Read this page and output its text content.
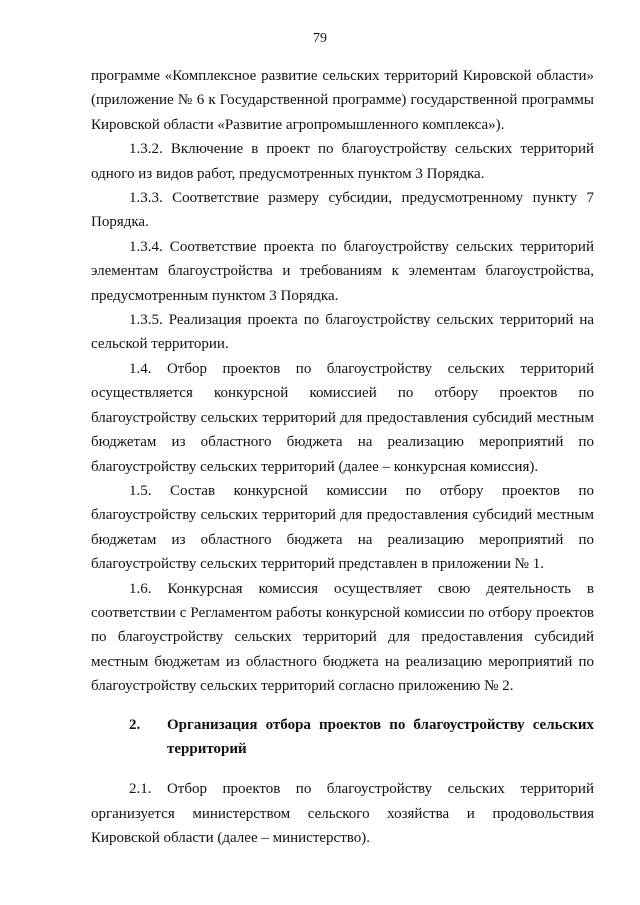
79

программе «Комплексное развитие сельских территорий Кировской области» (приложение № 6 к Государственной программе) государственной программы Кировской области «Развитие агропромышленного комплекса»).

1.3.2. Включение в проект по благоустройству сельских территорий одного из видов работ, предусмотренных пунктом 3 Порядка.

1.3.3. Соответствие размеру субсидии, предусмотренному пункту 7 Порядка.

1.3.4. Соответствие проекта по благоустройству сельских территорий элементам благоустройства и требованиям к элементам благоустройства, предусмотренным пунктом 3 Порядка.

1.3.5. Реализация проекта по благоустройству сельских территорий на сельской территории.

1.4. Отбор проектов по благоустройству сельских территорий осуществляется конкурсной комиссией по отбору проектов по благоустройству сельских территорий для предоставления субсидий местным бюджетам из областного бюджета на реализацию мероприятий по благоустройству сельских территорий (далее – конкурсная комиссия).

1.5. Состав конкурсной комиссии по отбору проектов по благоустройству сельских территорий для предоставления субсидий местным бюджетам из областного бюджета на реализацию мероприятий по благоустройству сельских территорий представлен в приложении № 1.

1.6. Конкурсная комиссия осуществляет свою деятельность в соответствии с Регламентом работы конкурсной комиссии по отбору проектов по благоустройству сельских территорий для предоставления субсидий местным бюджетам из областного бюджета на реализацию мероприятий по благоустройству сельских территорий согласно приложению № 2.

2.	Организация отбора проектов по благоустройству сельских территорий

2.1. Отбор проектов по благоустройству сельских территорий организуется министерством сельского хозяйства и продовольствия Кировской области (далее – министерство).
